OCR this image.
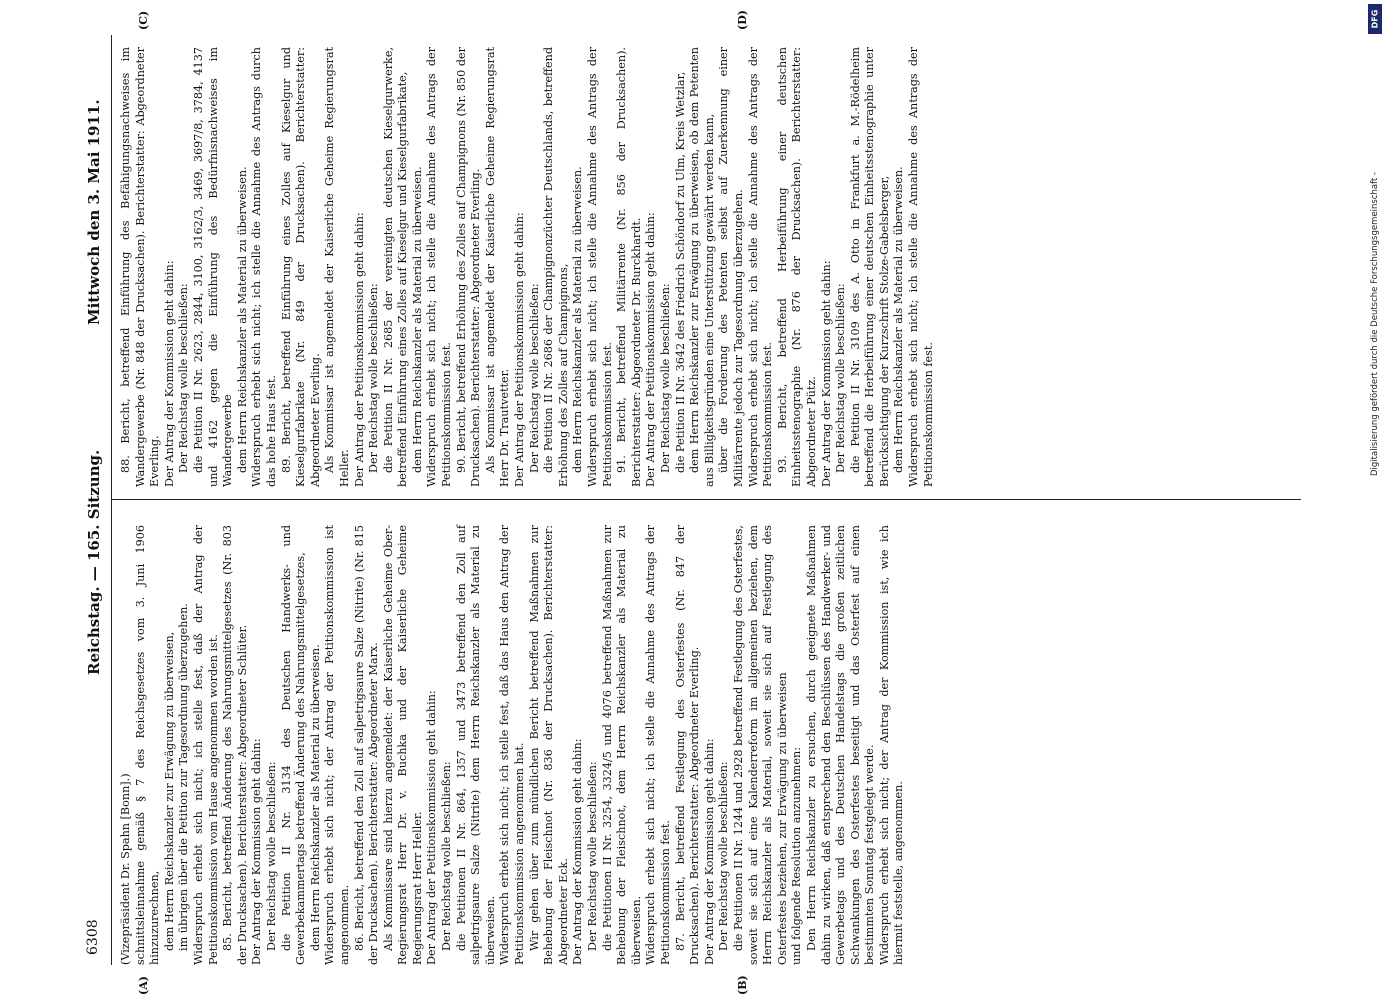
6308
Reichstag. — 165. Sitzung.
Mittwoch den 3. Mai 1911.
(A)	(B)
(C)	(D)

(Vizepräsident Dr. Spahn [Bonn].) schnittsleinnahme gemäß § 7 des Reichsgesetzes vom 3. Juni 1906 hinzuzurechnen, dem Herrn Reichskanzler zur Erwägung zu überweisen, im übrigen über die Petition zur Tagesordnung überzugehen. Widerspruch erhebt sich nicht; ich stelle fest, daß der Antrag der Petitionskommission vom Hause angenommen worden ist. 85. Bericht, betreffend Änderung des Nahrungsmittelgesetzes (Nr. 803 der Drucksachen). Berichterstatter: Abgeordneter Schlüter. Der Antrag der Kommission geht dahin: Der Reichstag wolle beschließen: die Petition II Nr. 3134 des Deutschen Handwerks- und Gewerbekammertags betreffend Änderung des Nahrungsmittelgesetzes, dem Herrn Reichskanzler als Material zu überweisen. Widerspruch erhebt sich nicht; der Antrag der Petitionskommission ist angenommen. 86. Bericht, betreffend den Zoll auf salpetrigsaure Salze (Nitrite) (Nr. 815 der Drucksachen). Berichterstatter: Abgeordneter Marx. Als Kommissare sind hierzu angemeldet: der Kaiserliche Geheime Ober-Regierungsrat Herr Dr. v. Buchka und der Kaiserliche Geheime Regierungsrat Herr Heller. Der Antrag der Petitionskommission geht dahin: Der Reichstag wolle beschließen: die Petitionen II Nr. 864, 1357 und 3473 betreffend den Zoll auf salpetrigsaure Salze (Nitrite) dem Herrn Reichskanzler als Material zu überweisen. Widerspruch erhebt sich nicht; ich stelle fest, daß das Haus den Antrag der Petitionskommission angenommen hat. Wir gehen über zum mündlichen Bericht betreffend Maßnahmen zur Behebung der Fleischnot (Nr. 836 der Drucksachen). Berichterstatter: Abgeordneter Eck. Der Antrag der Kommission geht dahin: Der Reichstag wolle beschließen: die Petitionen II Nr. 3254, 3324/5 und 4076 betreffend Maßnahmen zur Behebung der Fleischnot, dem Herrn Reichskanzler als Material zu überweisen. Widerspruch erhebt sich nicht; ich stelle die Annahme des Antrags der Petitionskommission fest. 87. Bericht, betreffend Festlegung des Osterfestes (Nr. 847 der Drucksachen). Berichterstatter: Abgeordneter Everling. Der Antrag der Kommission geht dahin: Der Reichstag wolle beschließen: die Petitionen II Nr. 1244 und 2928 betreffend Festlegung des Osterfestes, soweit sie sich auf eine Kalenderreform im allgemeinen beziehen, dem Herrn Reichskanzler als Material, soweit sie sich auf Festlegung des Osterfestes beziehen, zur Erwägung zu überweisen und folgende Resolution anzunehmen: Den Herrn Reichskanzler zu ersuchen, durch geeignete Maßnahmen dahin zu wirken, daß entsprechend den Beschlüssen des Handwerker- und Gewerbetags und des Deutschen Handelstags die großen zeitlichen Schwankungen des Osterfestes beseitigt und das Osterfest auf einen bestimmten Sonntag festgelegt werde. Widerspruch erhebt sich nicht; der Antrag der Kommission ist, wie ich hiermit feststelle, angenommen.

88. Bericht, betreffend Einführung des Befähigungsnachweises im Wandergewerbe (Nr. 848 der Drucksachen). Berichterstatter: Abgeordneter Everling. Der Antrag der Kommission geht dahin: Der Reichstag wolle beschließen: die Petition II Nr. 2623, 2844, 3100, 3162/3, 3469, 3697/8, 3784, 4137 und 4162 gegen die Einführung des Bedürfnisnachweises im Wandergewerbe dem Herrn Reichskanzler als Material zu überweisen. Widerspruch erhebt sich nicht; ich stelle die Annahme des Antrags durch das hohe Haus fest. 89. Bericht, betreffend Einführung eines Zolles auf Kieselgur und Kieselgurfabrikate (Nr. 849 der Drucksachen). Berichterstatter: Abgeordneter Everling. Als Kommissar ist angemeldet der Kaiserliche Geheime Regierungsrat Heller. Der Antrag der Petitionskommission geht dahin: Der Reichstag wolle beschließen: die Petition II Nr. 2685 der vereinigten deutschen Kieselgurwerke, betreffend Einführung eines Zolles auf Kieselgur und Kieselgurfabrikate, dem Herrn Reichskanzler als Material zu überweisen. Widerspruch erhebt sich nicht; ich stelle die Annahme des Antrags der Petitionskommission fest. 90. Bericht, betreffend Erhöhung des Zolles auf Champignons (Nr. 850 der Drucksachen). Berichterstatter: Abgeordneter Everling. Als Kommissar ist angemeldet der Kaiserliche Geheime Regierungsrat Herr Dr. Trautvetter. Der Antrag der Petitionskommission geht dahin: Der Reichstag wolle beschließen: die Petition II Nr. 2686 der Champignonzüchter Deutschlands, betreffend Erhöhung des Zolles auf Champignons, dem Herrn Reichskanzler als Material zu überweisen. Widerspruch erhebt sich nicht; ich stelle die Annahme des Antrags der Petitionskommission fest. 91. Bericht, betreffend Militärrente (Nr. 856 der Drucksachen). Berichterstatter: Abgeordneter Dr. Burckhardt. Der Antrag der Petitionskommission geht dahin: Der Reichstag wolle beschließen: die Petition II Nr. 3642 des Friedrich Schöndorf zu Ulm, Kreis Wetzlar, dem Herrn Reichskanzler zur Erwägung zu überweisen, ob dem Petenten aus Billigkeitsgründen eine Unterstützung gewährt werden kann, über die Forderung des Petenten selbst auf Zuerkennung einer Militärrente jedoch zur Tagesordnung überzugehen. Widerspruch erhebt sich nicht; ich stelle die Annahme des Antrags der Petitionskommission fest. 93. Bericht, betreffend Herbeiführung einer deutschen Einheitsstenographie (Nr. 876 der Drucksachen). Berichterstatter: Abgeordneter Pütz. Der Antrag der Kommission geht dahin: Der Reichstag wolle beschließen: die Petition II Nr. 3109 des A. Otto in Frankfurt a. M.-Rödelheim betreffend die Herbeiführung einer deutschen Einheitsstenographie unter Berücksichtigung der Kurzschrift Stolze-Gabelsberger, dem Herrn Reichskanzler als Material zu überweisen. Widerspruch erhebt sich nicht; ich stelle die Annahme des Antrags der Petitionskommission fest.

DFG
Digitalisierung gefördert durch die Deutsche Forschungsgemeinschaft -
